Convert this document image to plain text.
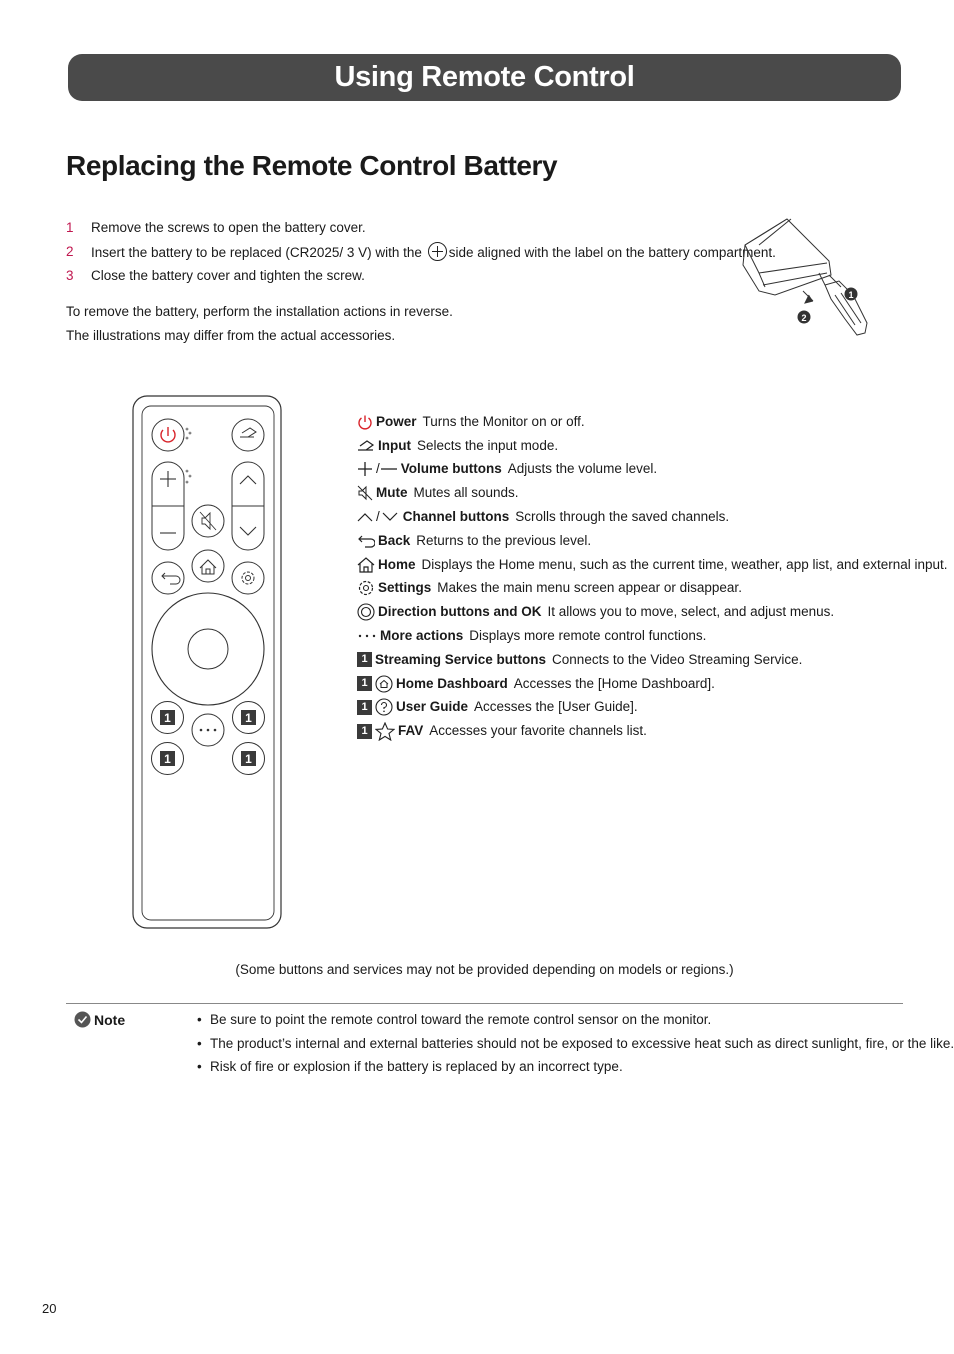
Using Remote Control
Replacing the Remote Control Battery
1 Remove the screws to open the battery cover.
2 Insert the battery to be replaced (CR2025/ 3 V) with the side aligned with the label on the battery compartment.
3 Close the battery cover and tighten the screw.
To remove the battery, perform the installation actions in reverse.
The illustrations may differ from the actual accessories.
1
2
1	1
1	1
Power Turns the Monitor on or off.
Input Selects the input mode.
/ Volume buttons Adjusts the volume level.
Mute Mutes all sounds.
/ Channel buttons Scrolls through the saved channels.
Back Returns to the previous level.
Home Displays the Home menu, such as the current time, weather, app list, and external input.
Settings Makes the main menu screen appear or disappear.
Direction buttons and OK It allows you to move, select, and adjust menus.
More actions Displays more remote control functions.
1 Streaming Service buttons Connects to the Video Streaming Service.
1	Home Dashboard Accesses the [Home Dashboard].
1	User Guide Accesses the [User Guide].
1	FAV Accesses your favorite channels list.
(Some buttons and services may not be provided depending on models or regions.)
Note	• Be sure to point the remote control toward the remote control sensor on the monitor.
• The product’s internal and external batteries should not be exposed to excessive heat such as direct sunlight, fire, or the like.
• Risk of fire or explosion if the battery is replaced by an incorrect type.
20
